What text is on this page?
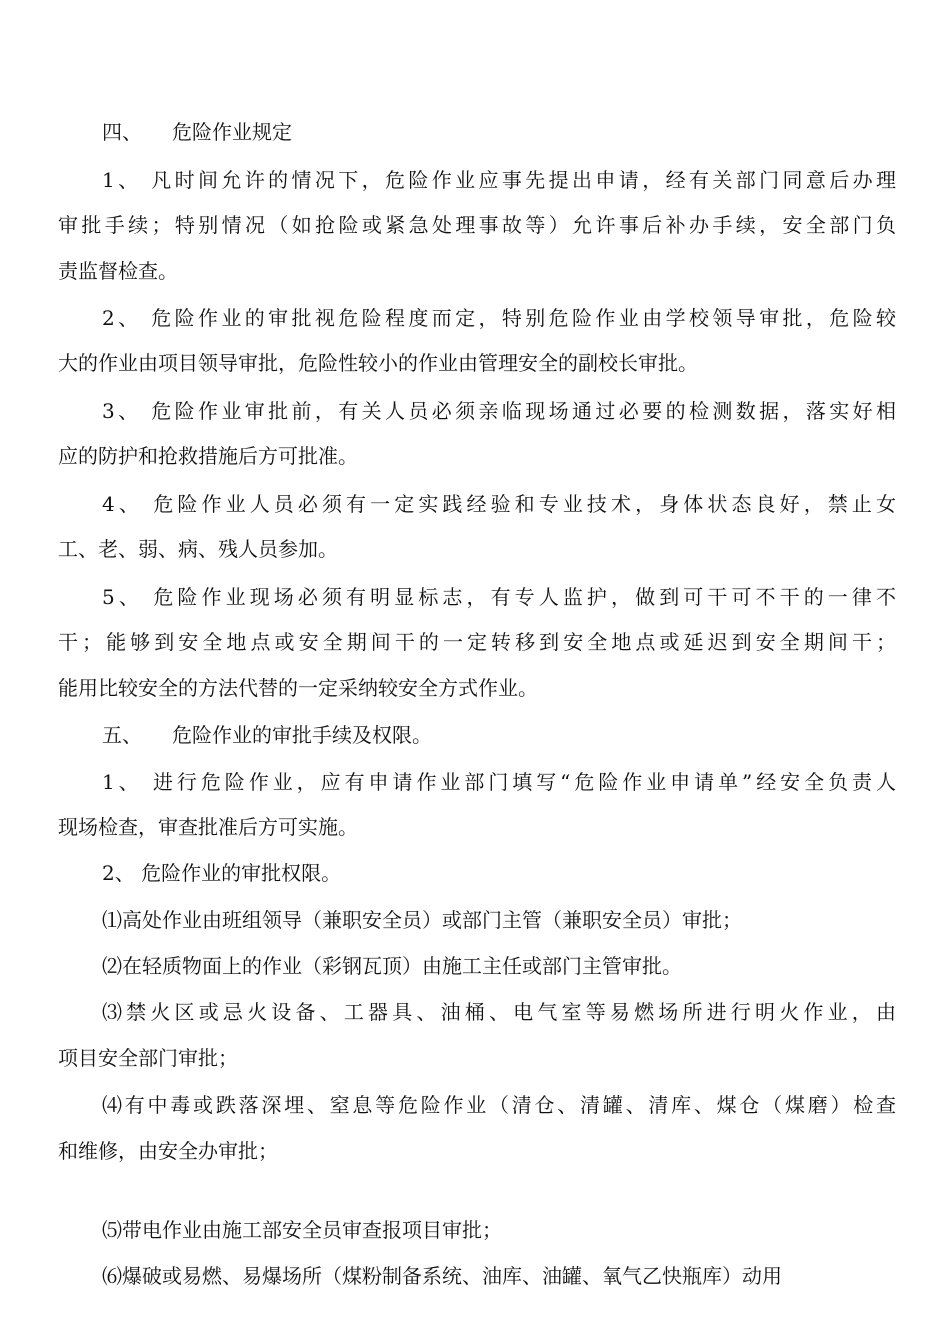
四、 危险作业规定
1、 凡时间允许的情况下，危险作业应事先提出申请，经有关部门同意后办理
审批手续；特别情况（如抢险或紧急处理事故等）允许事后补办手续，安全部门负
责监督检查。
2、 危险作业的审批视危险程度而定，特别危险作业由学校领导审批，危险较
大的作业由项目领导审批，危险性较小的作业由管理安全的副校长审批。
3、 危险作业审批前，有关人员必须亲临现场通过必要的检测数据，落实好相
应的防护和抢救措施后方可批准。
4、 危险作业人员必须有一定实践经验和专业技术，身体状态良好，禁止女
工、老、弱、病、残人员参加。
5、 危险作业现场必须有明显标志，有专人监护，做到可干可不干的一律不
干；能够到安全地点或安全期间干的一定转移到安全地点或延迟到安全期间干；
能用比较安全的方法代替的一定采纳较安全方式作业。
五、 危险作业的审批手续及权限。
1、 进行危险作业，应有申请作业部门填写“危险作业申请单”经安全负责人
现场检查，审查批准后方可实施。
2、 危险作业的审批权限。
⑴高处作业由班组领导（兼职安全员）或部门主管（兼职安全员）审批；
⑵在轻质物面上的作业（彩钢瓦顶）由施工主任或部门主管审批。
⑶禁火区或忌火设备、工器具、油桶、电气室等易燃场所进行明火作业，由
项目安全部门审批；
⑷有中毒或跌落深埋、窒息等危险作业（清仓、清罐、清库、煤仓（煤磨）检查
和维修，由安全办审批；
⑸带电作业由施工部安全员审查报项目审批；
⑹爆破或易燃、易爆场所（煤粉制备系统、油库、油罐、氧气乙快瓶库）动用
